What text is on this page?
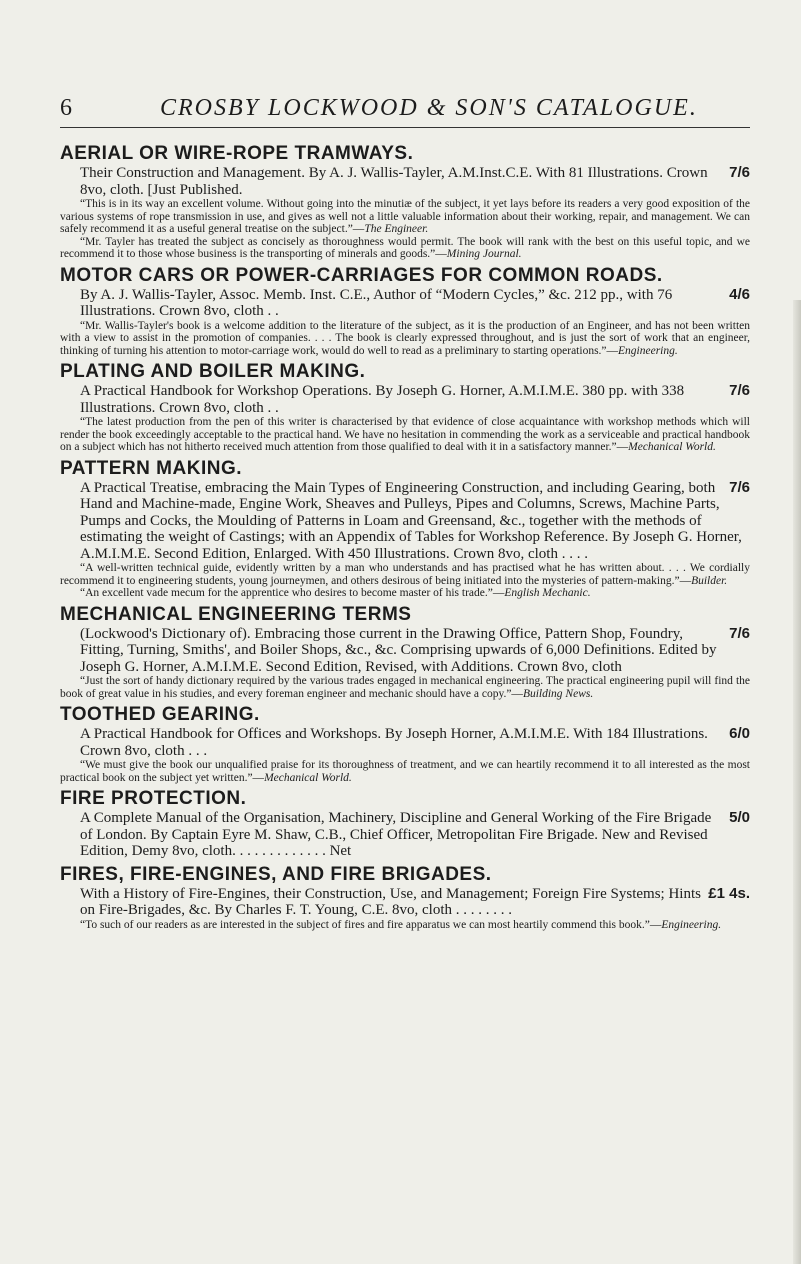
6	CROSBY LOCKWOOD & SON'S CATALOGUE.
AERIAL OR WIRE-ROPE TRAMWAYS.
7/6
Their Construction and Management. By A. J. Wallis-Tayler, A.M.Inst.C.E. With 81 Illustrations. Crown 8vo, cloth. [Just Published.

“This is in its way an excellent volume. Without going into the minutiæ of the subject, it yet lays before its readers a very good exposition of the various systems of rope transmission in use, and gives as well not a little valuable information about their working, repair, and management. We can safely recommend it as a useful general treatise on the subject.”—The Engineer.

“Mr. Tayler has treated the subject as concisely as thoroughness would permit. The book will rank with the best on this useful topic, and we recommend it to those whose business is the transporting of minerals and goods.”—Mining Journal.

MOTOR CARS OR POWER-CARRIAGES FOR COMMON ROADS.
4/6
By A. J. Wallis-Tayler, Assoc. Memb. Inst. C.E., Author of “Modern Cycles,” &c. 212 pp., with 76 Illustrations. Crown 8vo, cloth . .

“Mr. Wallis-Tayler's book is a welcome addition to the literature of the subject, as it is the production of an Engineer, and has not been written with a view to assist in the promotion of companies. . . . The book is clearly expressed throughout, and is just the sort of work that an engineer, thinking of turning his attention to motor-carriage work, would do well to read as a preliminary to starting operations.”—Engineering.

PLATING AND BOILER MAKING.
7/6
A Practical Handbook for Workshop Operations. By Joseph G. Horner, A.M.I.M.E. 380 pp. with 338 Illustrations. Crown 8vo, cloth . .

“The latest production from the pen of this writer is characterised by that evidence of close acquaintance with workshop methods which will render the book exceedingly acceptable to the practical hand. We have no hesitation in commending the work as a serviceable and practical handbook on a subject which has not hitherto received much attention from those qualified to deal with it in a satisfactory manner.”—Mechanical World.

PATTERN MAKING.
7/6
A Practical Treatise, embracing the Main Types of Engineering Construction, and including Gearing, both Hand and Machine-made, Engine Work, Sheaves and Pulleys, Pipes and Columns, Screws, Machine Parts, Pumps and Cocks, the Moulding of Patterns in Loam and Greensand, &c., together with the methods of estimating the weight of Castings; with an Appendix of Tables for Workshop Reference. By Joseph G. Horner, A.M.I.M.E. Second Edition, Enlarged. With 450 Illustrations. Crown 8vo, cloth . . . .

“A well-written technical guide, evidently written by a man who understands and has practised what he has written about. . . . We cordially recommend it to engineering students, young journeymen, and others desirous of being initiated into the mysteries of pattern-making.”—Builder.

“An excellent vade mecum for the apprentice who desires to become master of his trade.”—English Mechanic.

MECHANICAL ENGINEERING TERMS
7/6
(Lockwood's Dictionary of). Embracing those current in the Drawing Office, Pattern Shop, Foundry, Fitting, Turning, Smiths', and Boiler Shops, &c., &c. Comprising upwards of 6,000 Definitions. Edited by Joseph G. Horner, A.M.I.M.E. Second Edition, Revised, with Additions. Crown 8vo, cloth

“Just the sort of handy dictionary required by the various trades engaged in mechanical engineering. The practical engineering pupil will find the book of great value in his studies, and every foreman engineer and mechanic should have a copy.”—Building News.

TOOTHED GEARING.
6/0
A Practical Handbook for Offices and Workshops. By Joseph Horner, A.M.I.M.E. With 184 Illustrations. Crown 8vo, cloth . . .

“We must give the book our unqualified praise for its thoroughness of treatment, and we can heartily recommend it to all interested as the most practical book on the subject yet written.”—Mechanical World.

FIRE PROTECTION.
5/0
A Complete Manual of the Organisation, Machinery, Discipline and General Working of the Fire Brigade of London. By Captain Eyre M. Shaw, C.B., Chief Officer, Metropolitan Fire Brigade. New and Revised Edition, Demy 8vo, cloth. . . . . . . . . . . . . Net
FIRES, FIRE-ENGINES, AND FIRE BRIGADES.
£1 4s.
With a History of Fire-Engines, their Construction, Use, and Management; Foreign Fire Systems; Hints on Fire-Brigades, &c. By Charles F. T. Young, C.E. 8vo, cloth . . . . . . . .

“To such of our readers as are interested in the subject of fires and fire apparatus we can most heartily commend this book.”—Engineering.
